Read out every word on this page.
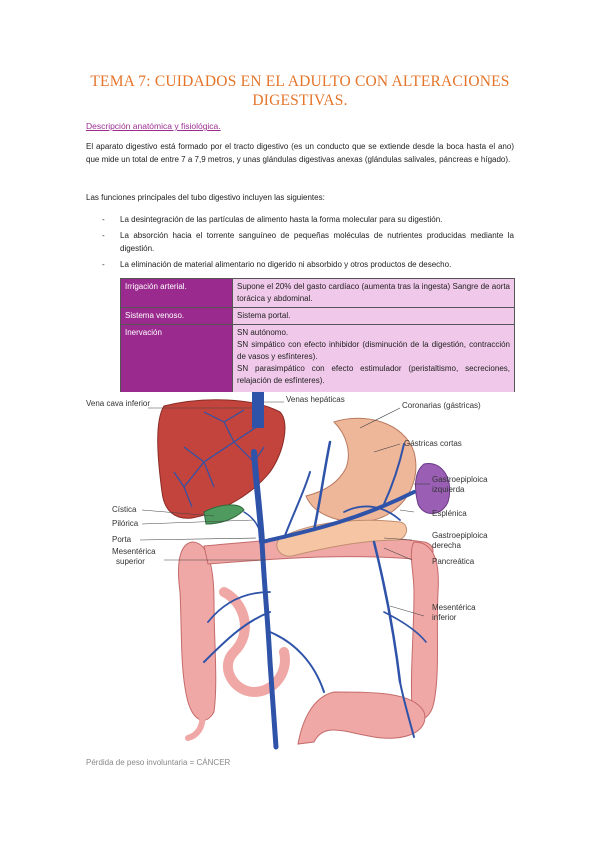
TEMA 7: CUIDADOS EN EL ADULTO CON ALTERACIONES DIGESTIVAS.
Descripción anatómica y fisiológica.

El aparato digestivo está formado por el tracto digestivo (es un conducto que se extiende desde la boca hasta el ano) que mide un total de entre 7 a 7,9 metros, y unas glándulas digestivas anexas (glándulas salivales, páncreas e hígado).

Las funciones principales del tubo digestivo incluyen las siguientes:

- La desintegración de las partículas de alimento hasta la forma molecular para su digestión.
- La absorción hacia el torrente sanguíneo de pequeñas moléculas de nutrientes producidas mediante la digestión.
- La eliminación de material alimentario no digerido ni absorbido y otros productos de desecho.
Irrigación arterial.	Supone el 20% del gasto cardíaco (aumenta tras la ingesta) Sangre de aorta torácica y abdominal.
Sistema venoso.	Sistema portal.
Inervación	SN autónomo.
SN simpático con efecto inhibidor (disminución de la digestión, contracción de vasos y esfínteres).
SN parasimpático con efecto estimulador (peristaltismo, secreciones, relajación de esfínteres).
Vena cava inferior	Venas hepáticas
Coronarias (gástricas)
Gástricas cortas
Gastroepiploica
izquierda
Esplénica
Gastroepiploica
derecha
Pancreática
Mesentérica
inferior
Cística
Pilórica
Porta
Mesentérica
superior
Pérdida de peso involuntaria = CÁNCER
